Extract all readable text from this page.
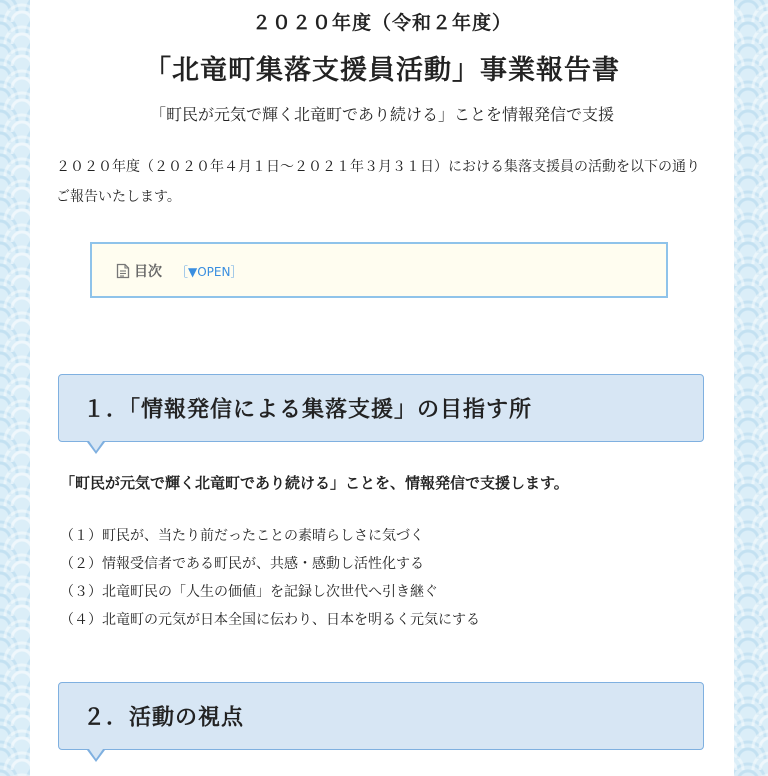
２０２０年度（令和２年度）
「北竜町集落支援員活動」事業報告書
「町民が元気で輝く北竜町であり続ける」ことを情報発信で支援
２０２０年度（２０２０年４月１日〜２０２１年３月３１日）における集落支援員の活動を以下の通りご報告いたします。
目次 ［▼OPEN］
１．「情報発信による集落支援」の目指す所
「町民が元気で輝く北竜町であり続ける」ことを、情報発信で支援します。
（１）町民が、当たり前だったことの素晴らしさに気づく
（２）情報受信者である町民が、共感・感動し活性化する
（３）北竜町民の「人生の価値」を記録し次世代へ引き継ぐ
（４）北竜町の元気が日本全国に伝わり、日本を明るく元気にする
２．活動の視点
